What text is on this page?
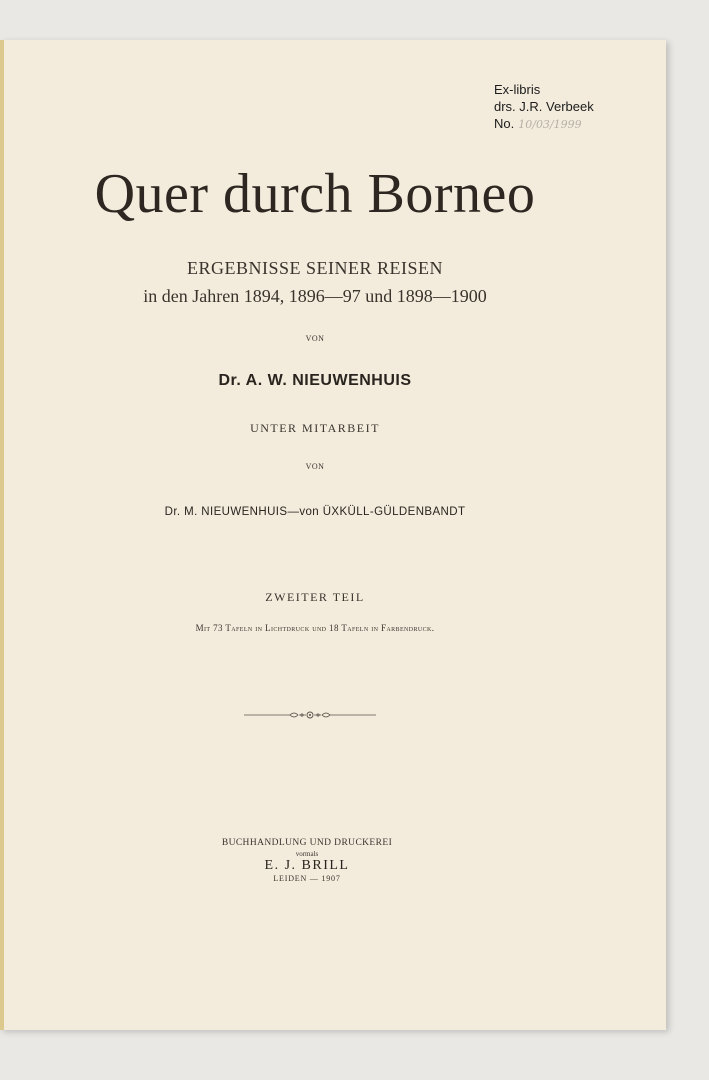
Ex-libris
drs. J.R. Verbeek
No. 10/03/1999
Quer durch Borneo
ERGEBNISSE SEINER REISEN
in den Jahren 1894, 1896—97 und 1898—1900
VON
Dr. A. W. NIEUWENHUIS
UNTER MITARBEIT
VON
Dr. M. NIEUWENHUIS—von ÜXKÜLL-GÜLDENBANDT
ZWEITER TEIL
Mit 73 Tafeln in Lichtdruck und 18 Tafeln in Farbendruck.
BUCHHANDLUNG UND DRUCKEREI
vormals
E. J. BRILL
LEIDEN — 1907
